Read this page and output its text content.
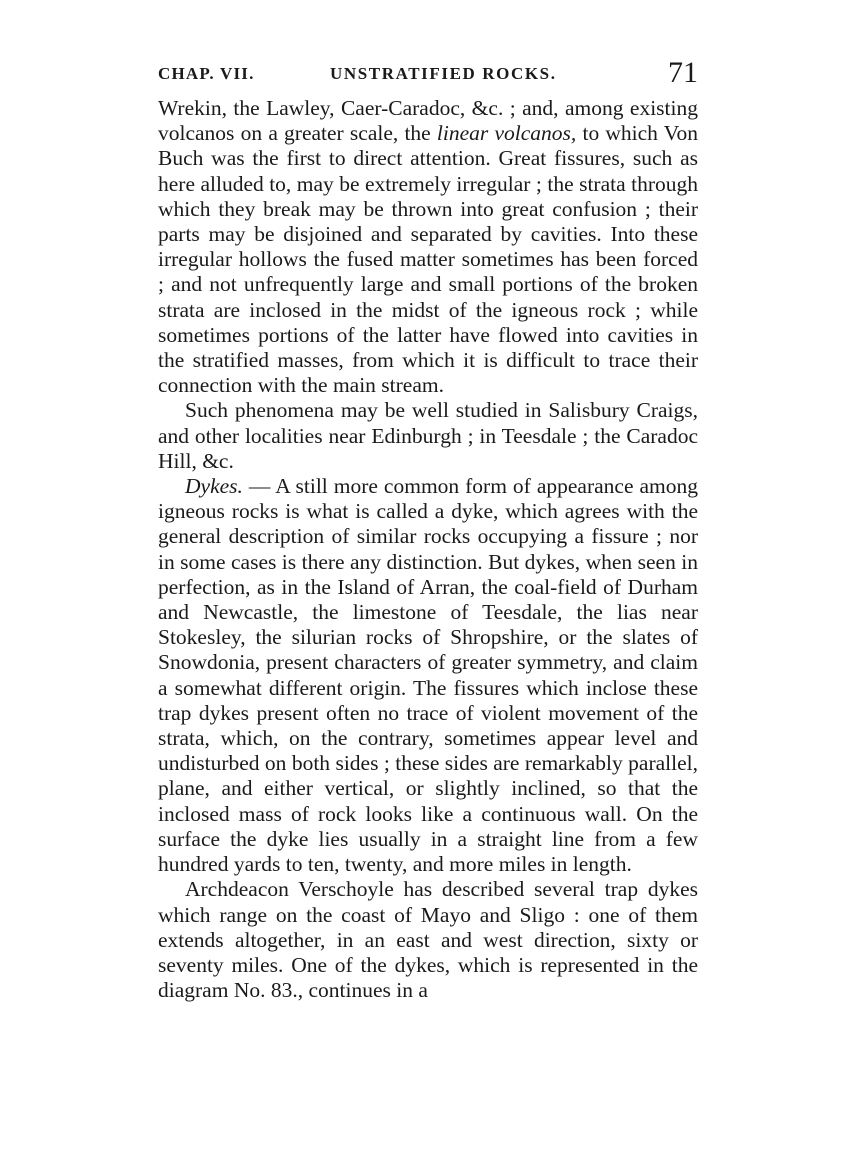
CHAP. VII.	UNSTRATIFIED ROCKS.	71

Wrekin, the Lawley, Caer-Caradoc, &c. ; and, among existing volcanos on a greater scale, the linear volcanos, to which Von Buch was the first to direct attention. Great fissures, such as here alluded to, may be extremely irregular ; the strata through which they break may be thrown into great confusion ; their parts may be disjoined and separated by cavities. Into these irregular hollows the fused matter sometimes has been forced ; and not unfrequently large and small portions of the broken strata are inclosed in the midst of the igneous rock ; while sometimes portions of the latter have flowed into cavities in the stratified masses, from which it is difficult to trace their connection with the main stream.

Such phenomena may be well studied in Salisbury Craigs, and other localities near Edinburgh ; in Teesdale ; the Caradoc Hill, &c.

Dykes. — A still more common form of appearance among igneous rocks is what is called a dyke, which agrees with the general description of similar rocks occupying a fissure ; nor in some cases is there any distinction. But dykes, when seen in perfection, as in the Island of Arran, the coal-field of Durham and Newcastle, the limestone of Teesdale, the lias near Stokesley, the silurian rocks of Shropshire, or the slates of Snowdonia, present characters of greater symmetry, and claim a somewhat different origin. The fissures which inclose these trap dykes present often no trace of violent movement of the strata, which, on the contrary, sometimes appear level and undisturbed on both sides ; these sides are remarkably parallel, plane, and either vertical, or slightly inclined, so that the inclosed mass of rock looks like a continuous wall. On the surface the dyke lies usually in a straight line from a few hundred yards to ten, twenty, and more miles in length.

Archdeacon Verschoyle has described several trap dykes which range on the coast of Mayo and Sligo : one of them extends altogether, in an east and west direction, sixty or seventy miles. One of the dykes, which is represented in the diagram No. 83., continues in a
